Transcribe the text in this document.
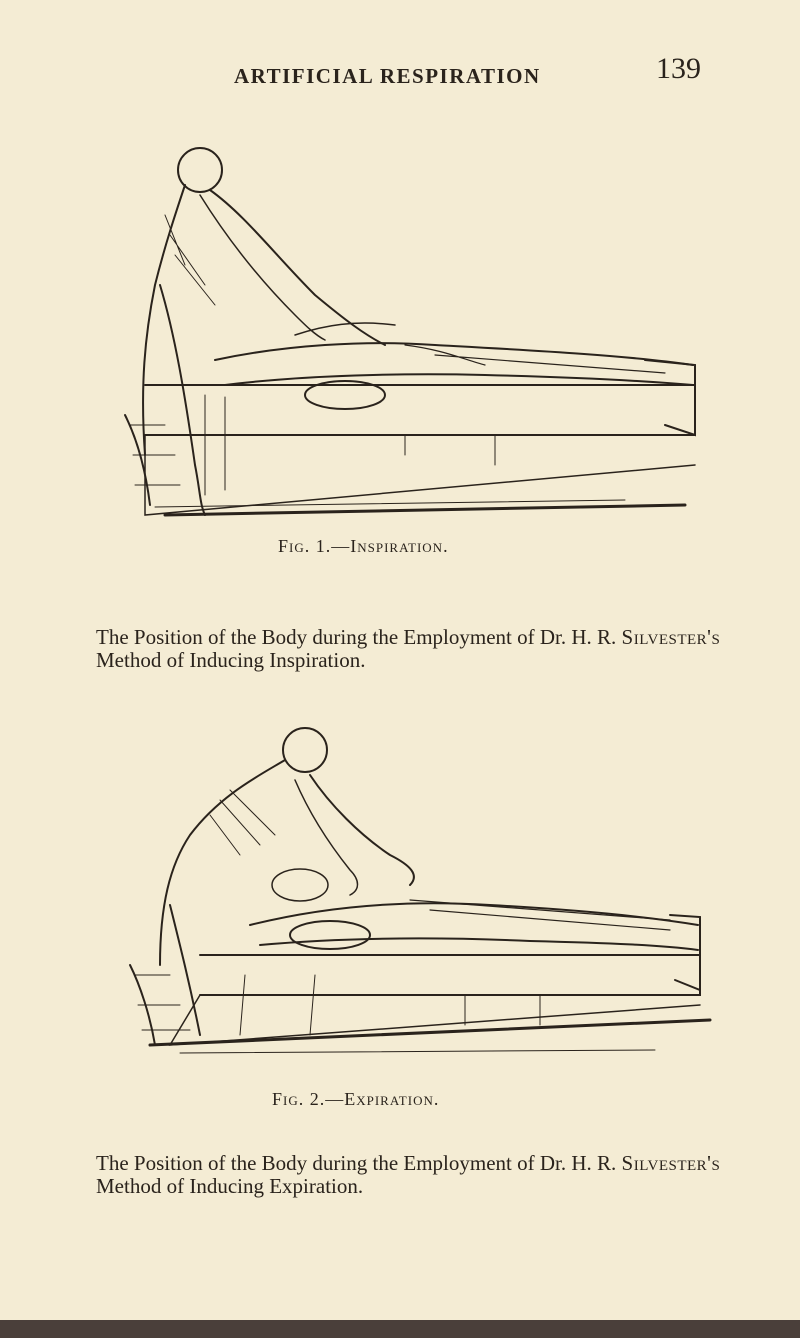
ARTIFICIAL RESPIRATION	139
Fig. 1.—Inspiration.
The Position of the Body during the Employment of Dr. H. R. Silvester's Method of Inducing Inspiration.
Fig. 2.—Expiration.
The Position of the Body during the Employment of Dr. H. R. Silvester's Method of Inducing Expiration.
